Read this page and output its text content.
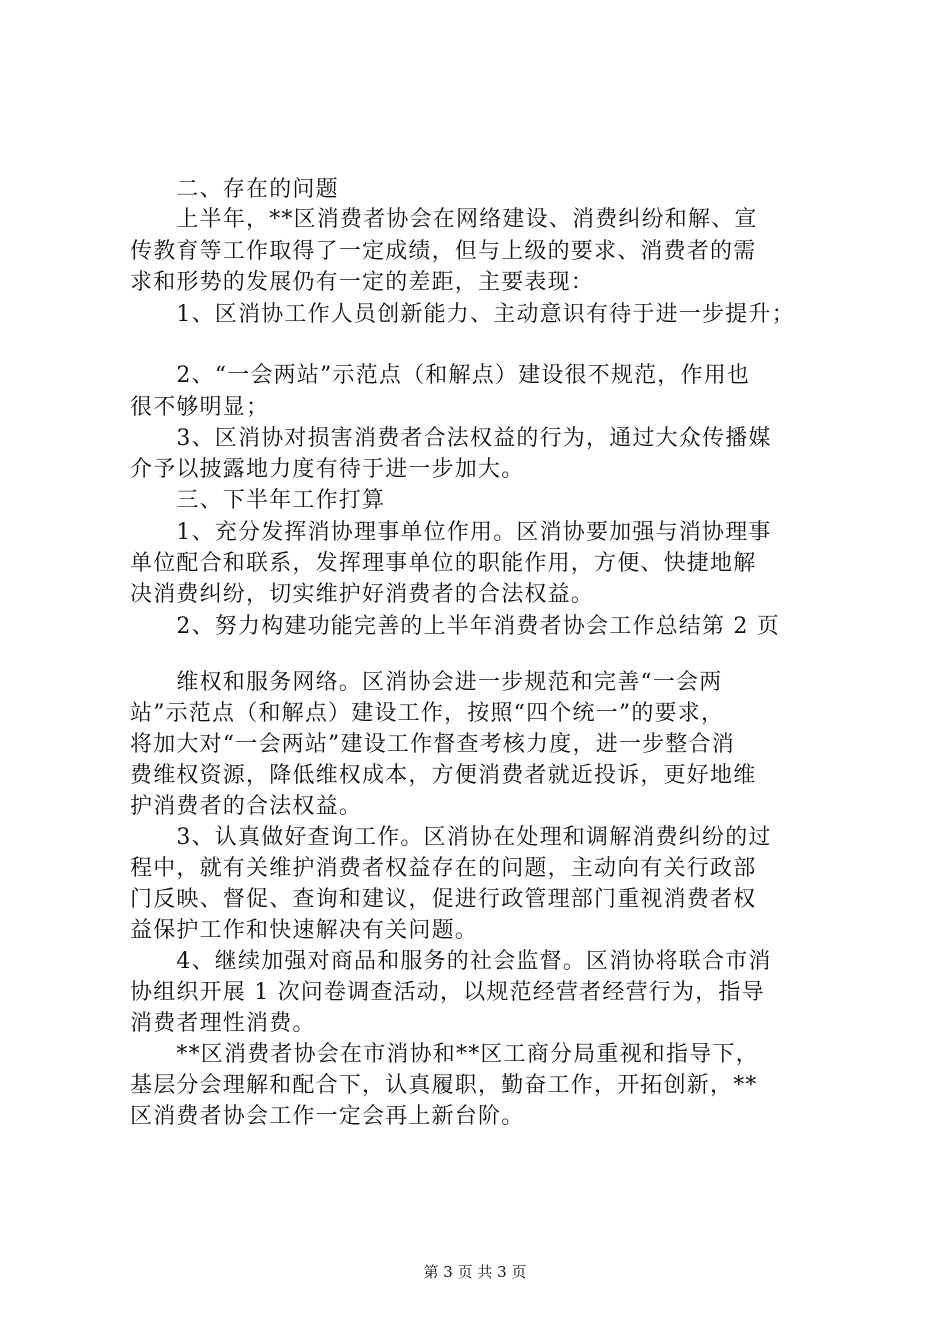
　　二、存在的问题
　　上半年，**区消费者协会在网络建设、消费纠纷和解、宣
传教育等工作取得了一定成绩，但与上级的要求、消费者的需
求和形势的发展仍有一定的差距，主要表现：
　　1、区消协工作人员创新能力、主动意识有待于进一步提升；
　　2、“一会两站”示范点（和解点）建设很不规范，作用也
很不够明显；
　　3、区消协对损害消费者合法权益的行为，通过大众传播媒
介予以披露地力度有待于进一步加大。
　　三、下半年工作打算
　　1、充分发挥消协理事单位作用。区消协要加强与消协理事
单位配合和联系，发挥理事单位的职能作用，方便、快捷地解
决消费纠纷，切实维护好消费者的合法权益。
　　2、努力构建功能完善的上半年消费者协会工作总结第 2 页
　　维权和服务网络。区消协会进一步规范和完善“一会两
站”示范点（和解点）建设工作，按照“四个统一”的要求，
将加大对“一会两站”建设工作督查考核力度，进一步整合消
费维权资源，降低维权成本，方便消费者就近投诉，更好地维
护消费者的合法权益。
　　3、认真做好查询工作。区消协在处理和调解消费纠纷的过
程中，就有关维护消费者权益存在的问题，主动向有关行政部
门反映、督促、查询和建议，促进行政管理部门重视消费者权
益保护工作和快速解决有关问题。
　　4、继续加强对商品和服务的社会监督。区消协将联合市消
协组织开展 1 次问卷调查活动，以规范经营者经营行为，指导
消费者理性消费。
　　**区消费者协会在市消协和**区工商分局重视和指导下，
基层分会理解和配合下，认真履职，勤奋工作，开拓创新，**
区消费者协会工作一定会再上新台阶。
第 3 页 共 3 页
